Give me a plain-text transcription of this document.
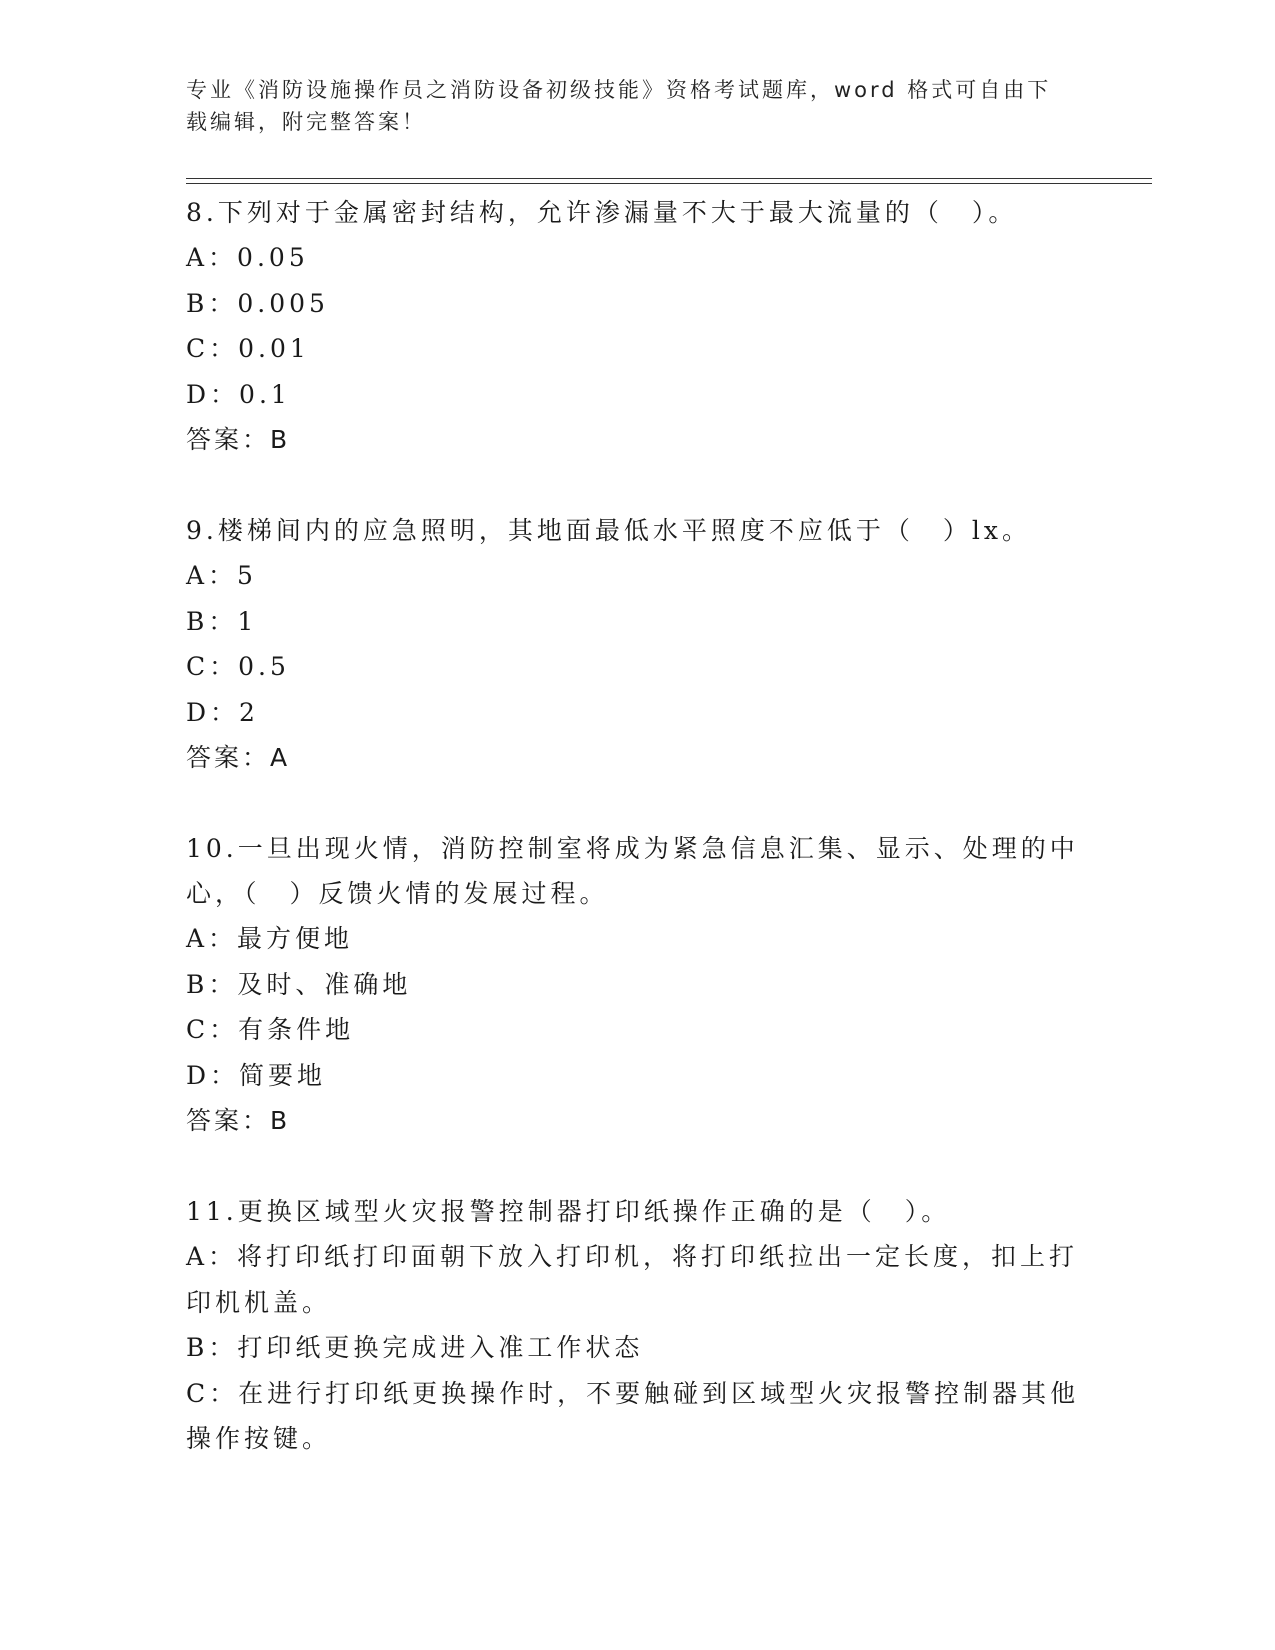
专业《消防设施操作员之消防设备初级技能》资格考试题库，word 格式可自由下载编辑，附完整答案！

8.下列对于金属密封结构，允许渗漏量不大于最大流量的（　）。

A：0.05

B：0.005

C：0.01

D：0.1

答案：B

9.楼梯间内的应急照明，其地面最低水平照度不应低于（　）lx。

A：5

B：1

C：0.5

D：2

答案：A

10.一旦出现火情，消防控制室将成为紧急信息汇集、显示、处理的中心，（　）反馈火情的发展过程。

A：最方便地

B：及时、准确地

C：有条件地

D：简要地

答案：B

11.更换区域型火灾报警控制器打印纸操作正确的是（　）。

A：将打印纸打印面朝下放入打印机，将打印纸拉出一定长度，扣上打印机机盖。

B：打印纸更换完成进入准工作状态

C：在进行打印纸更换操作时，不要触碰到区域型火灾报警控制器其他操作按键。
